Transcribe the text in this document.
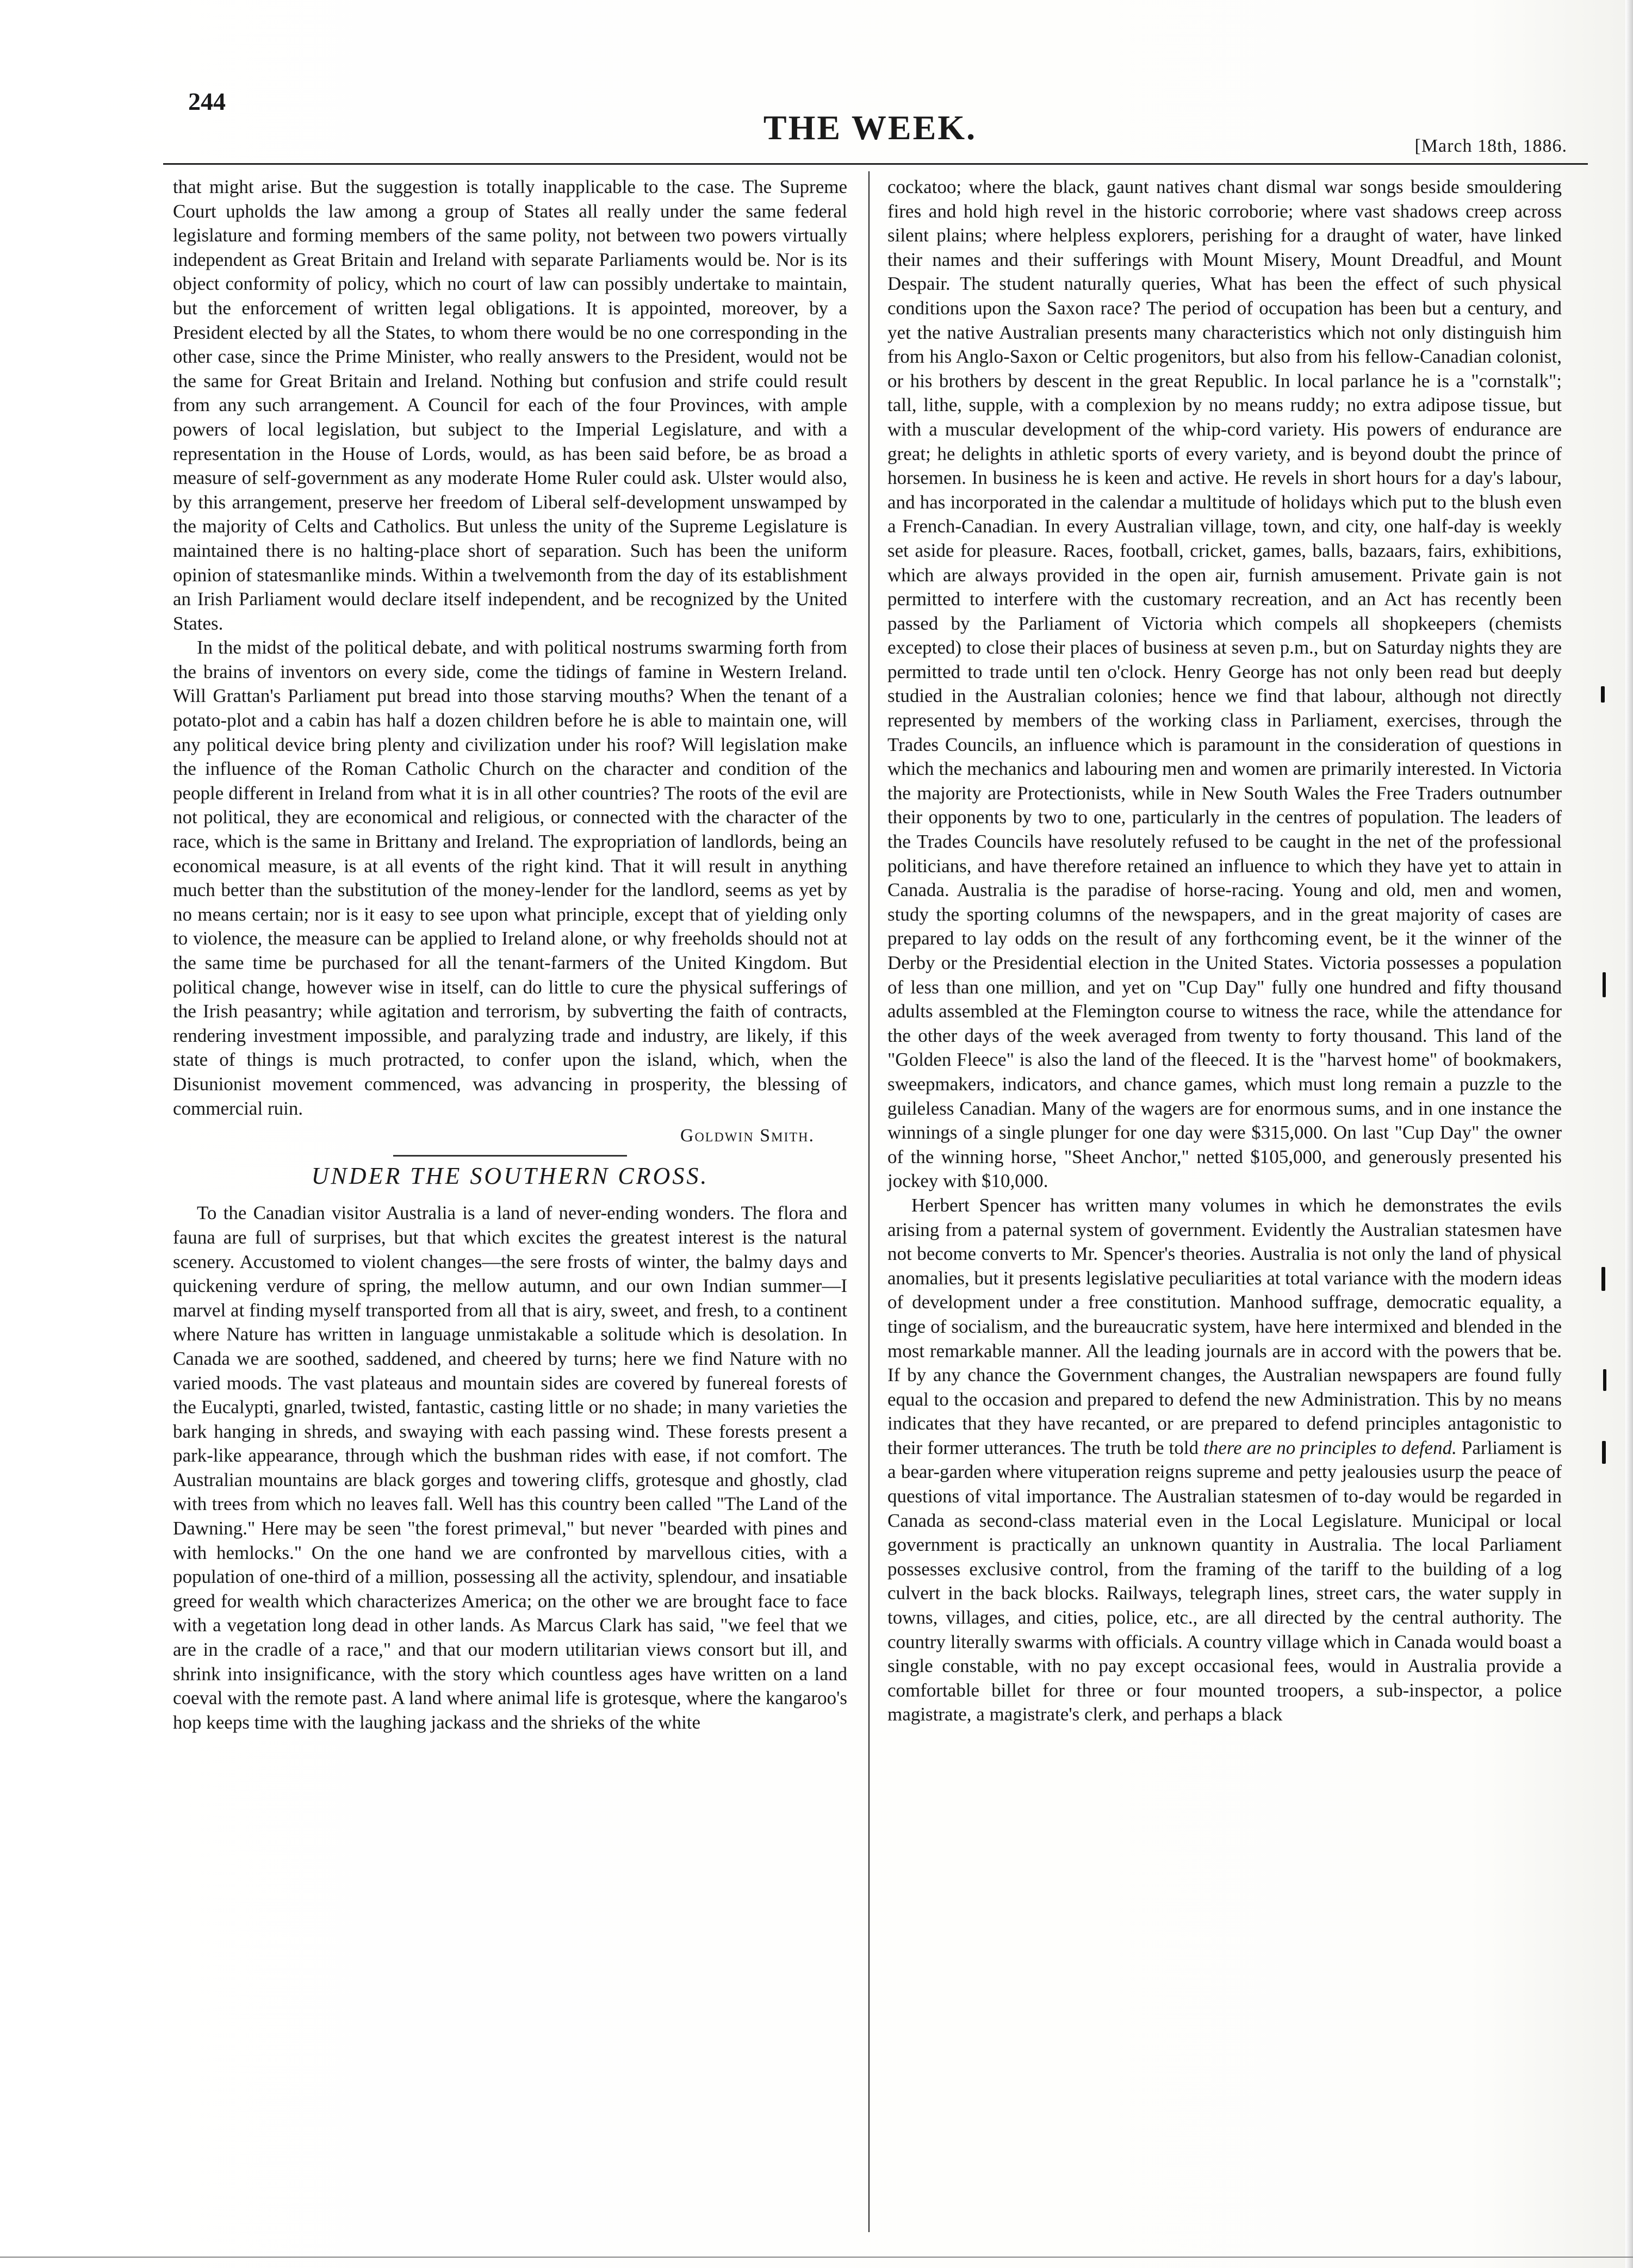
244
THE WEEK.	[March 18th, 1886.

that might arise. But the suggestion is totally inapplicable to the case. The Supreme Court upholds the law among a group of States all really under the same federal legislature and forming members of the same polity, not between two powers virtually independent as Great Britain and Ireland with separate Parliaments would be. Nor is its object conformity of policy, which no court of law can possibly undertake to maintain, but the enforcement of written legal obligations. It is appointed, moreover, by a President elected by all the States, to whom there would be no one corresponding in the other case, since the Prime Minister, who really answers to the President, would not be the same for Great Britain and Ireland. Nothing but confusion and strife could result from any such arrangement. A Council for each of the four Provinces, with ample powers of local legislation, but subject to the Imperial Legislature, and with a representation in the House of Lords, would, as has been said before, be as broad a measure of self-government as any moderate Home Ruler could ask. Ulster would also, by this arrangement, preserve her freedom of Liberal self-development unswamped by the majority of Celts and Catholics. But unless the unity of the Supreme Legislature is maintained there is no halting-place short of separation. Such has been the uniform opinion of statesmanlike minds. Within a twelvemonth from the day of its establishment an Irish Parliament would declare itself independent, and be recognized by the United States.

In the midst of the political debate, and with political nostrums swarming forth from the brains of inventors on every side, come the tidings of famine in Western Ireland. Will Grattan's Parliament put bread into those starving mouths? When the tenant of a potato-plot and a cabin has half a dozen children before he is able to maintain one, will any political device bring plenty and civilization under his roof? Will legislation make the influence of the Roman Catholic Church on the character and condition of the people different in Ireland from what it is in all other countries? The roots of the evil are not political, they are economical and religious, or connected with the character of the race, which is the same in Brittany and Ireland. The expropriation of landlords, being an economical measure, is at all events of the right kind. That it will result in anything much better than the substitution of the money-lender for the landlord, seems as yet by no means certain; nor is it easy to see upon what principle, except that of yielding only to violence, the measure can be applied to Ireland alone, or why freeholds should not at the same time be purchased for all the tenant-farmers of the United Kingdom. But political change, however wise in itself, can do little to cure the physical sufferings of the Irish peasantry; while agitation and terrorism, by subverting the faith of contracts, rendering investment impossible, and paralyzing trade and industry, are likely, if this state of things is much protracted, to confer upon the island, which, when the Disunionist movement commenced, was advancing in prosperity, the blessing of commercial ruin.

Goldwin Smith.
UNDER THE SOUTHERN CROSS.

To the Canadian visitor Australia is a land of never-ending wonders. The flora and fauna are full of surprises, but that which excites the greatest interest is the natural scenery. Accustomed to violent changes—the sere frosts of winter, the balmy days and quickening verdure of spring, the mellow autumn, and our own Indian summer—I marvel at finding myself transported from all that is airy, sweet, and fresh, to a continent where Nature has written in language unmistakable a solitude which is desolation. In Canada we are soothed, saddened, and cheered by turns; here we find Nature with no varied moods. The vast plateaus and mountain sides are covered by funereal forests of the Eucalypti, gnarled, twisted, fantastic, casting little or no shade; in many varieties the bark hanging in shreds, and swaying with each passing wind. These forests present a park-like appearance, through which the bushman rides with ease, if not comfort. The Australian mountains are black gorges and towering cliffs, grotesque and ghostly, clad with trees from which no leaves fall. Well has this country been called "The Land of the Dawning." Here may be seen "the forest primeval," but never "bearded with pines and with hemlocks." On the one hand we are confronted by marvellous cities, with a population of one-third of a million, possessing all the activity, splendour, and insatiable greed for wealth which characterizes America; on the other we are brought face to face with a vegetation long dead in other lands. As Marcus Clark has said, "we feel that we are in the cradle of a race," and that our modern utilitarian views consort but ill, and shrink into insignificance, with the story which countless ages have written on a land coeval with the remote past. A land where animal life is grotesque, where the kangaroo's hop keeps time with the laughing jackass and the shrieks of the white

cockatoo; where the black, gaunt natives chant dismal war songs beside smouldering fires and hold high revel in the historic corroborie; where vast shadows creep across silent plains; where helpless explorers, perishing for a draught of water, have linked their names and their sufferings with Mount Misery, Mount Dreadful, and Mount Despair. The student naturally queries, What has been the effect of such physical conditions upon the Saxon race? The period of occupation has been but a century, and yet the native Australian presents many characteristics which not only distinguish him from his Anglo-Saxon or Celtic progenitors, but also from his fellow-Canadian colonist, or his brothers by descent in the great Republic. In local parlance he is a "cornstalk"; tall, lithe, supple, with a complexion by no means ruddy; no extra adipose tissue, but with a muscular development of the whip-cord variety. His powers of endurance are great; he delights in athletic sports of every variety, and is beyond doubt the prince of horsemen. In business he is keen and active. He revels in short hours for a day's labour, and has incorporated in the calendar a multitude of holidays which put to the blush even a French-Canadian. In every Australian village, town, and city, one half-day is weekly set aside for pleasure. Races, football, cricket, games, balls, bazaars, fairs, exhibitions, which are always provided in the open air, furnish amusement. Private gain is not permitted to interfere with the customary recreation, and an Act has recently been passed by the Parliament of Victoria which compels all shopkeepers (chemists excepted) to close their places of business at seven p.m., but on Saturday nights they are permitted to trade until ten o'clock. Henry George has not only been read but deeply studied in the Australian colonies; hence we find that labour, although not directly represented by members of the working class in Parliament, exercises, through the Trades Councils, an influence which is paramount in the consideration of questions in which the mechanics and labouring men and women are primarily interested. In Victoria the majority are Protectionists, while in New South Wales the Free Traders outnumber their opponents by two to one, particularly in the centres of population. The leaders of the Trades Councils have resolutely refused to be caught in the net of the professional politicians, and have therefore retained an influence to which they have yet to attain in Canada. Australia is the paradise of horse-racing. Young and old, men and women, study the sporting columns of the newspapers, and in the great majority of cases are prepared to lay odds on the result of any forthcoming event, be it the winner of the Derby or the Presidential election in the United States. Victoria possesses a population of less than one million, and yet on "Cup Day" fully one hundred and fifty thousand adults assembled at the Flemington course to witness the race, while the attendance for the other days of the week averaged from twenty to forty thousand. This land of the "Golden Fleece" is also the land of the fleeced. It is the "harvest home" of bookmakers, sweepmakers, indicators, and chance games, which must long remain a puzzle to the guileless Canadian. Many of the wagers are for enormous sums, and in one instance the winnings of a single plunger for one day were $315,000. On last "Cup Day" the owner of the winning horse, "Sheet Anchor," netted $105,000, and generously presented his jockey with $10,000.

Herbert Spencer has written many volumes in which he demonstrates the evils arising from a paternal system of government. Evidently the Australian statesmen have not become converts to Mr. Spencer's theories. Australia is not only the land of physical anomalies, but it presents legislative peculiarities at total variance with the modern ideas of development under a free constitution. Manhood suffrage, democratic equality, a tinge of socialism, and the bureaucratic system, have here intermixed and blended in the most remarkable manner. All the leading journals are in accord with the powers that be. If by any chance the Government changes, the Australian newspapers are found fully equal to the occasion and prepared to defend the new Administration. This by no means indicates that they have recanted, or are prepared to defend principles antagonistic to their former utterances. The truth be told there are no principles to defend. Parliament is a bear-garden where vituperation reigns supreme and petty jealousies usurp the peace of questions of vital importance. The Australian statesmen of to-day would be regarded in Canada as second-class material even in the Local Legislature. Municipal or local government is practically an unknown quantity in Australia. The local Parliament possesses exclusive control, from the framing of the tariff to the building of a log culvert in the back blocks. Railways, telegraph lines, street cars, the water supply in towns, villages, and cities, police, etc., are all directed by the central authority. The country literally swarms with officials. A country village which in Canada would boast a single constable, with no pay except occasional fees, would in Australia provide a comfortable billet for three or four mounted troopers, a sub-inspector, a police magistrate, a magistrate's clerk, and perhaps a black
